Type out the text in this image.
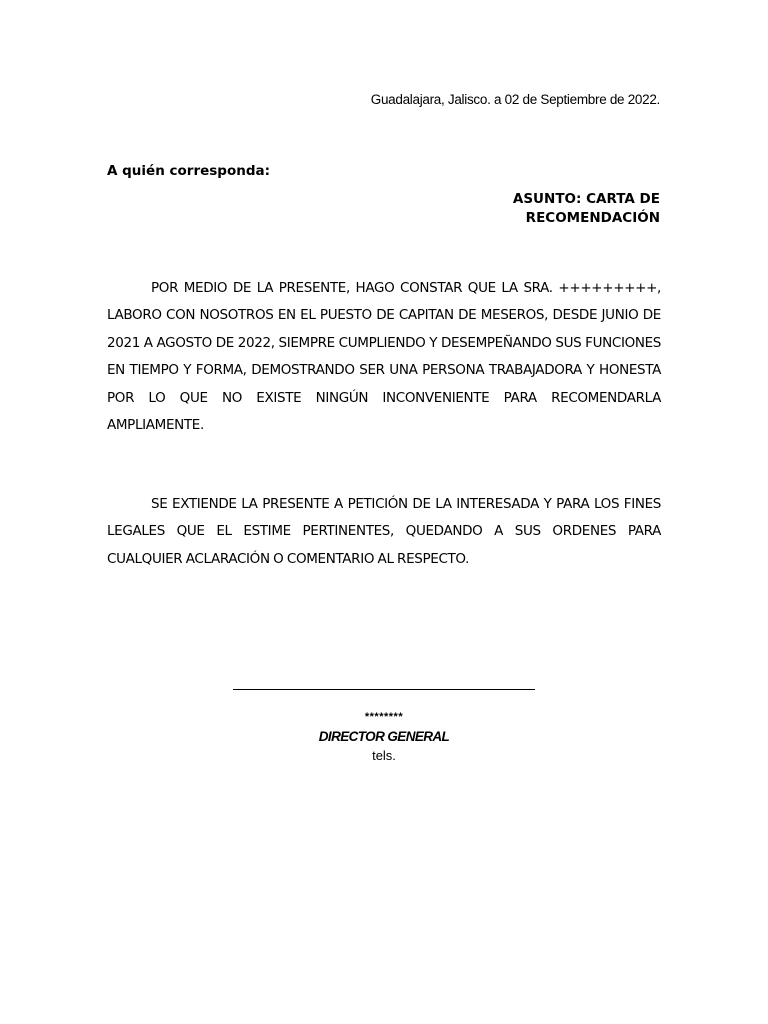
Guadalajara, Jalisco. a 02 de Septiembre de 2022.
A quién corresponda:
ASUNTO: CARTA DE
RECOMENDACIÓN

POR MEDIO DE LA PRESENTE, HAGO CONSTAR QUE LA SRA. +++++++++, LABORO CON NOSOTROS EN EL PUESTO DE CAPITAN DE MESEROS, DESDE JUNIO DE 2021 A AGOSTO DE 2022, SIEMPRE CUMPLIENDO Y DESEMPEÑANDO SUS FUNCIONES EN TIEMPO Y FORMA, DEMOSTRANDO SER UNA PERSONA TRABAJADORA Y HONESTA POR LO QUE NO EXISTE NINGÚN INCONVENIENTE PARA RECOMENDARLA AMPLIAMENTE.

SE EXTIENDE LA PRESENTE A PETICIÓN DE LA INTERESADA Y PARA LOS FINES LEGALES QUE EL ESTIME PERTINENTES, QUEDANDO A SUS ORDENES PARA CUALQUIER ACLARACIÓN O COMENTARIO AL RESPECTO.

********
DIRECTOR GENERAL
tels.
